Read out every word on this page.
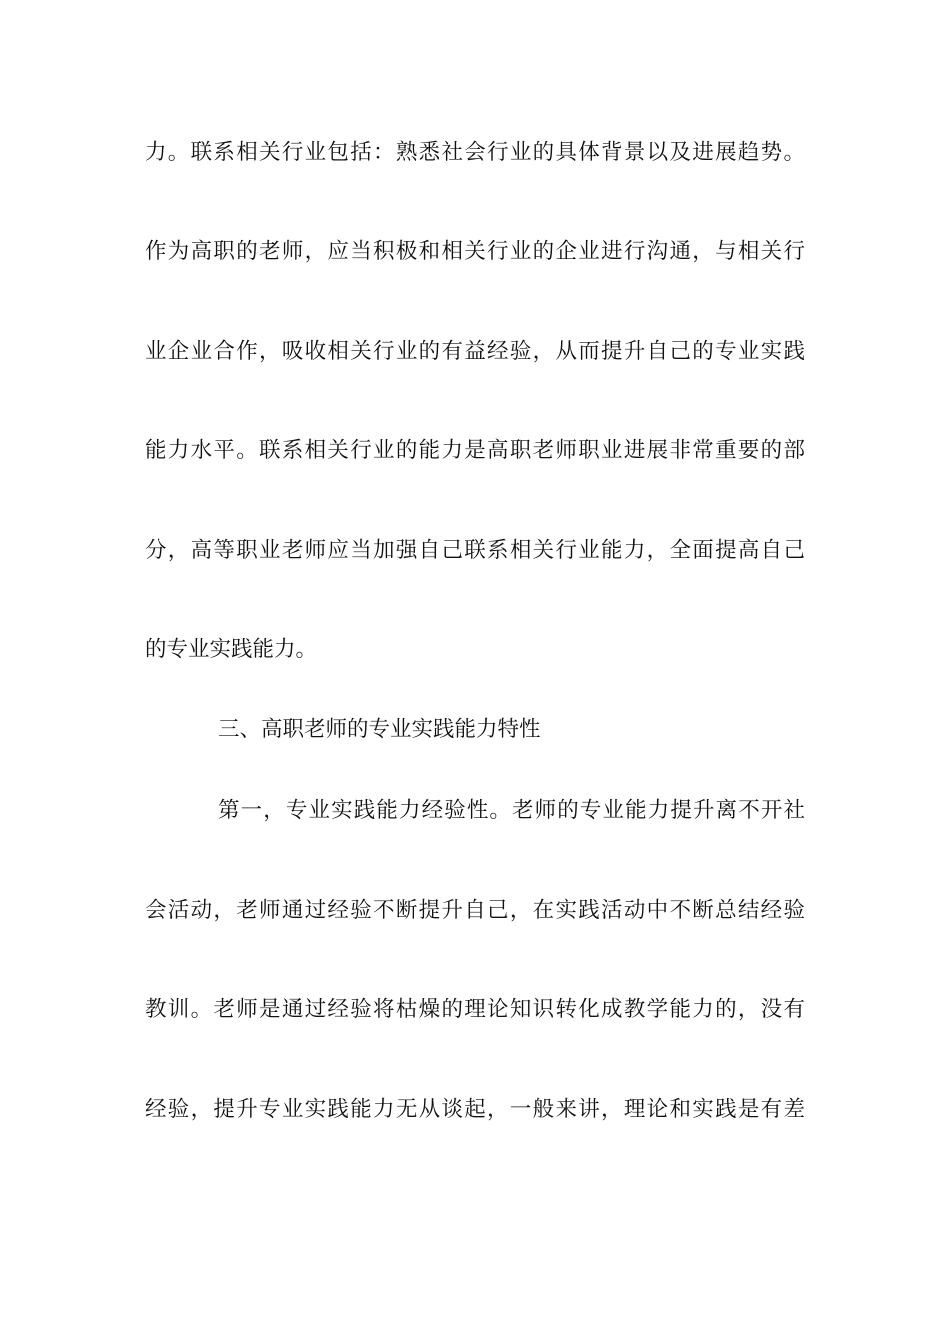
力。联系相关行业包括：熟悉社会行业的具体背景以及进展趋势。
作为高职的老师，应当积极和相关行业的企业进行沟通，与相关行
业企业合作，吸收相关行业的有益经验，从而提升自己的专业实践
能力水平。联系相关行业的能力是高职老师职业进展非常重要的部
分，高等职业老师应当加强自己联系相关行业能力，全面提高自己
的专业实践能力。
三、高职老师的专业实践能力特性
第一，专业实践能力经验性。老师的专业能力提升离不开社
会活动，老师通过经验不断提升自己，在实践活动中不断总结经验
教训。老师是通过经验将枯燥的理论知识转化成教学能力的，没有
经验，提升专业实践能力无从谈起，一般来讲，理论和实践是有差
